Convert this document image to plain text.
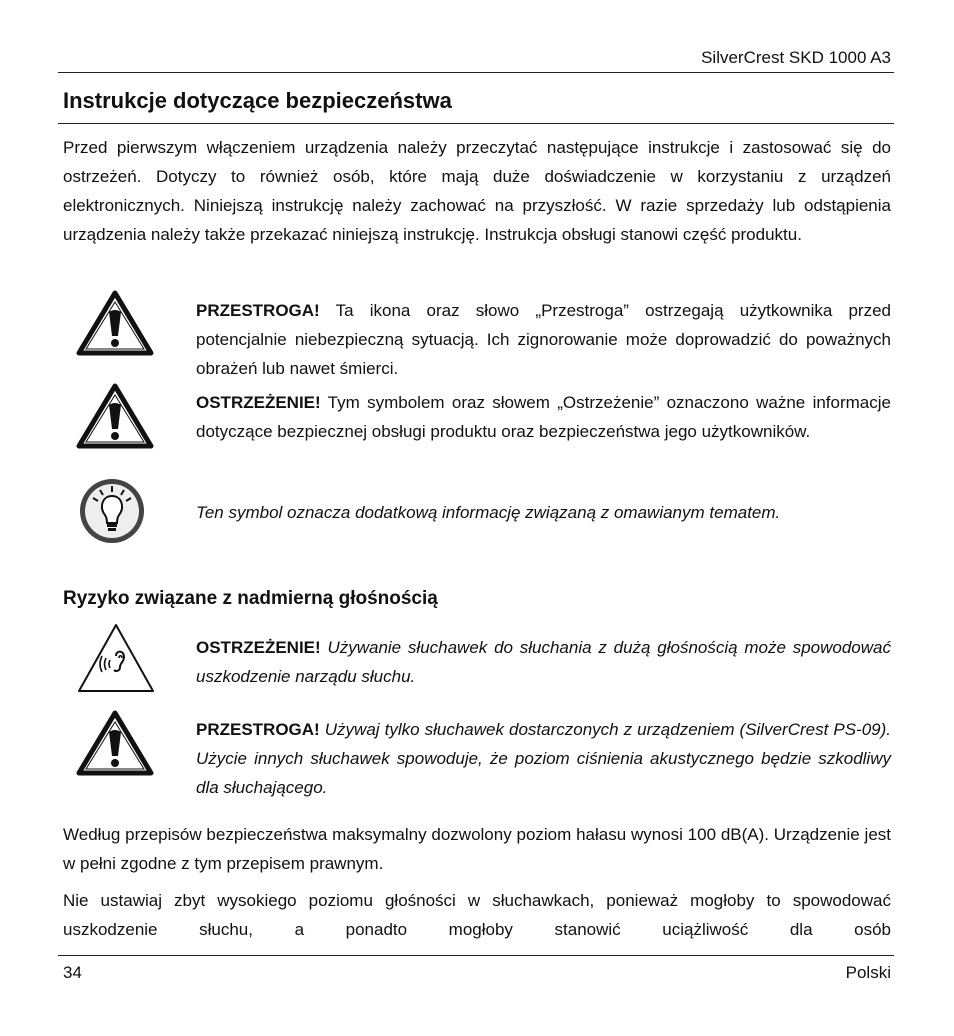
SilverCrest SKD 1000 A3
Instrukcje dotyczące bezpieczeństwa
Przed pierwszym włączeniem urządzenia należy przeczytać następujące instrukcje i zastosować się do ostrzeżeń. Dotyczy to również osób, które mają duże doświadczenie w korzystaniu z urządzeń elektronicznych. Niniejszą instrukcję należy zachować na przyszłość. W razie sprzedaży lub odstąpienia urządzenia należy także przekazać niniejszą instrukcję. Instrukcja obsługi stanowi część produktu.
PRZESTROGA! Ta ikona oraz słowo „Przestroga” ostrzegają użytkownika przed potencjalnie niebezpieczną sytuacją. Ich zignorowanie może doprowadzić do poważnych obrażeń lub nawet śmierci.
OSTRZEŻENIE! Tym symbolem oraz słowem „Ostrzeżenie” oznaczono ważne informacje dotyczące bezpiecznej obsługi produktu oraz bezpieczeństwa jego użytkowników.
Ten symbol oznacza dodatkową informację związaną z omawianym tematem.
Ryzyko związane z nadmierną głośnością
OSTRZEŻENIE! Używanie słuchawek do słuchania z dużą głośnością może spowodować uszkodzenie narządu słuchu.
PRZESTROGA! Używaj tylko słuchawek dostarczonych z urządzeniem (SilverCrest PS-09). Użycie innych słuchawek spowoduje, że poziom ciśnienia akustycznego będzie szkodliwy dla słuchającego.
Według przepisów bezpieczeństwa maksymalny dozwolony poziom hałasu wynosi 100 dB(A). Urządzenie jest w pełni zgodne z tym przepisem prawnym.
Nie ustawiaj zbyt wysokiego poziomu głośności w słuchawkach, ponieważ mogłoby to spowodować uszkodzenie słuchu, a ponadto mogłoby stanowić uciążliwość dla osób
34	Polski
